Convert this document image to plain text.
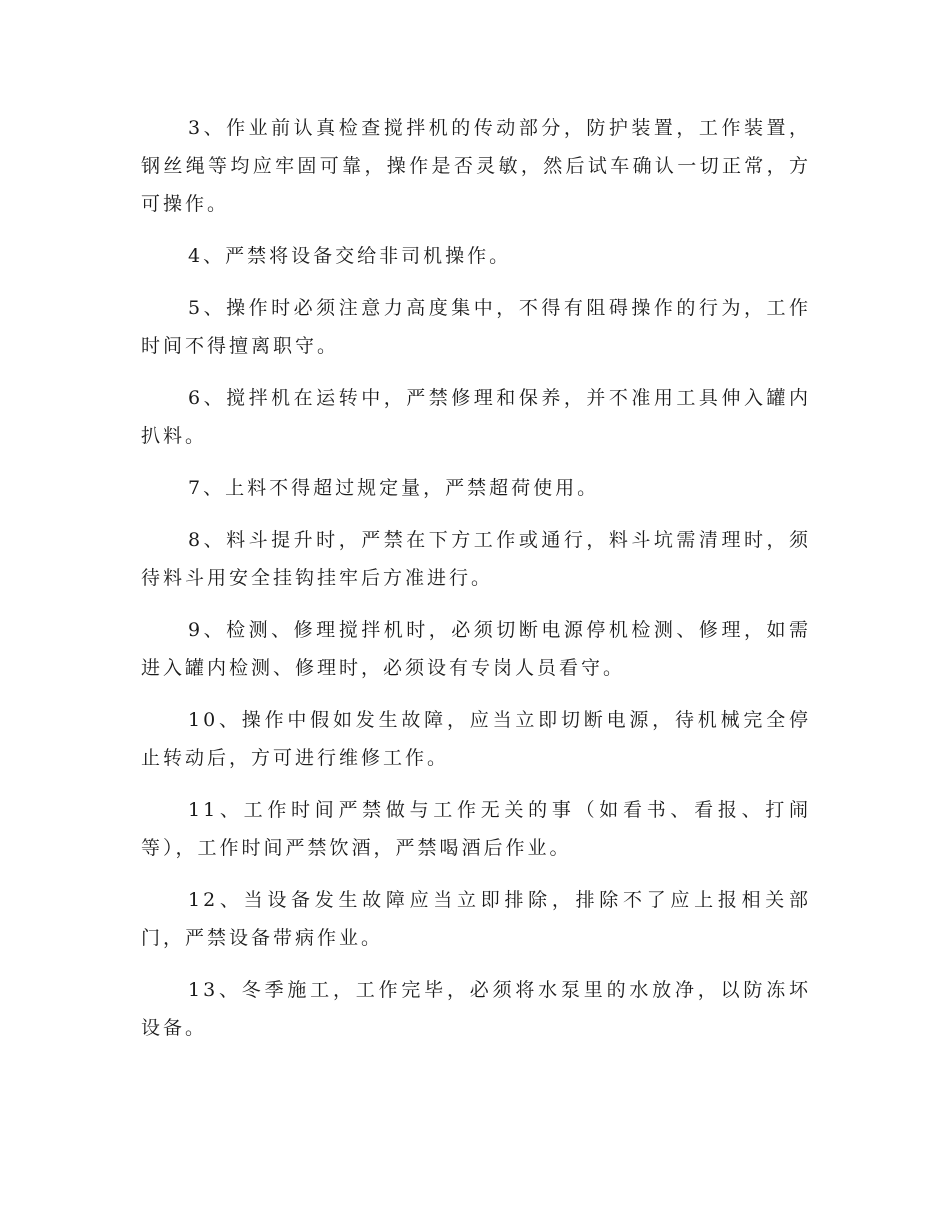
3、作业前认真检查搅拌机的传动部分，防护装置，工作装置，钢丝绳等均应牢固可靠，操作是否灵敏，然后试车确认一切正常，方可操作。

4、严禁将设备交给非司机操作。

5、操作时必须注意力高度集中，不得有阻碍操作的行为，工作时间不得擅离职守。

6、搅拌机在运转中，严禁修理和保养，并不准用工具伸入罐内扒料。

7、上料不得超过规定量，严禁超荷使用。

8、料斗提升时，严禁在下方工作或通行，料斗坑需清理时，须待料斗用安全挂钩挂牢后方准进行。

9、检测、修理搅拌机时，必须切断电源停机检测、修理，如需进入罐内检测、修理时，必须设有专岗人员看守。

10、操作中假如发生故障，应当立即切断电源，待机械完全停止转动后，方可进行维修工作。

11、工作时间严禁做与工作无关的事（如看书、看报、打闹等），工作时间严禁饮酒，严禁喝酒后作业。

12、当设备发生故障应当立即排除，排除不了应上报相关部门，严禁设备带病作业。

13、冬季施工，工作完毕，必须将水泵里的水放净，以防冻坏设备。
